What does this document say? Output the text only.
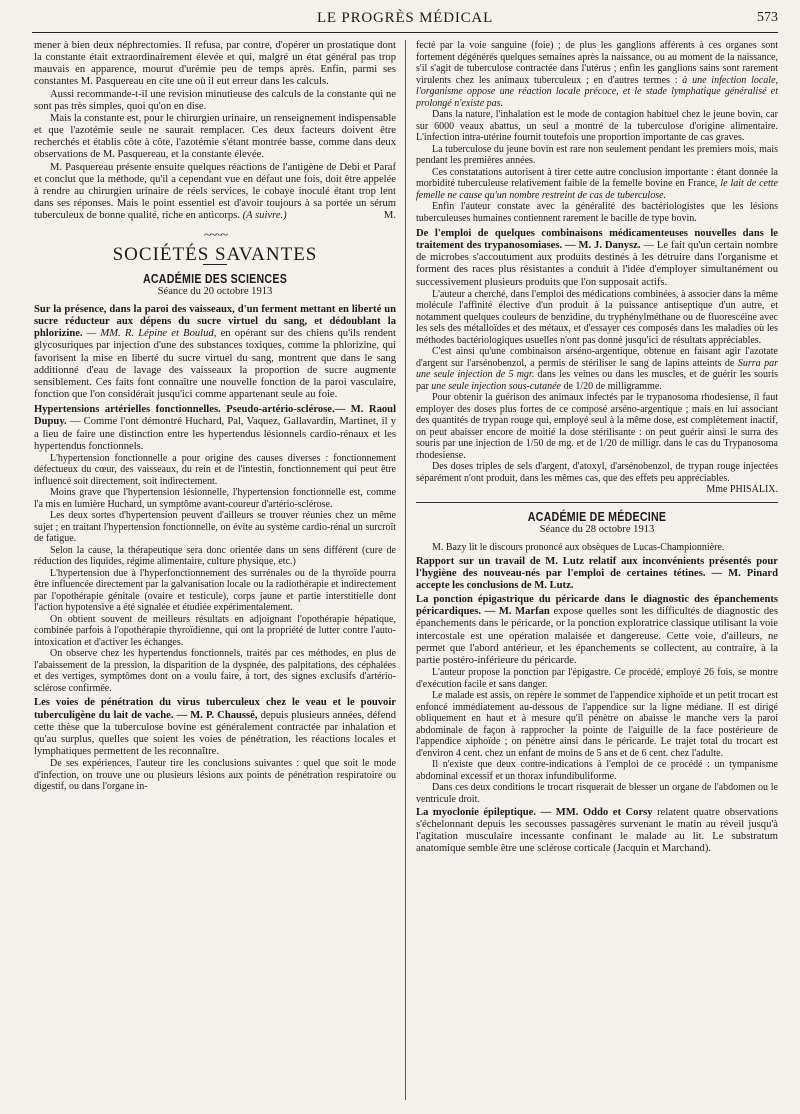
LE PROGRÈS MÉDICAL	573

mener à bien deux néphrectomies. Il refusa, par contre, d'opérer un prostatique dont la constante était extraordinairement élevée et qui, malgré un état général pas trop mauvais en apparence, mourut d'urémie peu de temps après. Enfin, parmi ses constantes M. Pasquereau en cite une où il eut erreur dans les calculs.

Aussi recommande-t-il une revision minutieuse des calculs de la constante qui ne sont pas très simples, quoi qu'on en dise.

Mais la constante est, pour le chirurgien urinaire, un renseignement indispensable et que l'azotémie seule ne saurait remplacer. Ces deux facteurs doivent être recherchés et établis côte à côte, l'azotémie s'étant montrée basse, comme dans deux observations de M. Pasquereau, et la constante élevée.

M. Pasquereau présente ensuite quelques réactions de l'antigène de Debi et Paraf et conclut que la méthode, qu'il a cependant vue en défaut une fois, doit être appelée à rendre au chirurgien urinaire de réels services, le cobaye inoculé étant trop lent dans ses réponses. Mais le point essentiel est d'avoir toujours à sa portée un sérum tuberculeux de bonne qualité, riche en anticorps. (A suivre.)	M.

~~~~
SOCIÉTÉS SAVANTES
ACADÉMIE DES SCIENCES
Séance du 20 octobre 1913

Sur la présence, dans la paroi des vaisseaux, d'un ferment mettant en liberté un sucre réducteur aux dépens du sucre virtuel du sang, et dédoublant la phlorizine. — MM. R. Lépine et Boulud, en opérant sur des chiens qu'ils rendent glycosuriques par injection d'une des substances toxiques, comme la phlorizine, qui favorisent la mise en liberté du sucre virtuel du sang, montrent que dans le sang additionné d'eau de lavage des vaisseaux la proportion de sucre augmente sensiblement. Ces faits font connaître une nouvelle fonction de la paroi vasculaire, fonction que l'on considérait jusqu'ici comme appartenant seule au foie.

Hypertensions artérielles fonctionnelles. Pseudo-artério-sclérose.— M. Raoul Dupuy. — Comme l'ont démontré Huchard, Pal, Vaquez, Gallavardin, Martinet, il y a lieu de faire une distinction entre les hypertendus lésionnels cardio-rénaux et les hypertendus fonctionnels.

L'hypertension fonctionnelle a pour origine des causes diverses : fonctionnement défectueux du cœur, des vaisseaux, du rein et de l'intestin, fonctionnement qui peut être influencé soit directement, soit indirectement.

Moins grave que l'hypertension lésionnelle, l'hypertension fonctionnelle est, comme l'a mis en lumière Huchard, un symptôme avant-coureur d'artério-sclérose.

Les deux sortes d'hypertension peuvent d'ailleurs se trouver réunies chez un même sujet ; en traitant l'hypertension fonctionnelle, on évite au système cardio-rénal un surcroît de fatigue.

Selon la cause, la thérapeutique sera donc orientée dans un sens différent (cure de réduction des liquides, régime alimentaire, culture physique, etc.)

L'hypertension due à l'hyperfonctionnement des surrénales ou de la thyroïde pourra être influencée directement par la galvanisation locale ou la radiothérapie et indirectement par l'opothérapie génitale (ovaire et testicule), corps jaune et partie interstitielle dont l'action hypotensive a été signalée et étudiée expérimentalement.

On obtient souvent de meilleurs résultats en adjoignant l'opothérapie hépatique, combinée parfois à l'opothérapie thyroïdienne, qui ont la propriété de lutter contre l'auto-intoxication et d'activer les échanges.

On observe chez les hypertendus fonctionnels, traités par ces méthodes, en plus de l'abaissement de la pression, la disparition de la dyspnée, des palpitations, des céphalées et des vertiges, symptômes dont on a voulu faire, à tort, des signes exclusifs d'artério-sclérose confirmée.

Les voies de pénétration du virus tuberculeux chez le veau et le pouvoir tuberculigène du lait de vache. — M. P. Chaussé, depuis plusieurs années, défend cette thèse que la tuberculose bovine est généralement contractée par inhalation et qu'au surplus, quelles que soient les voies de pénétration, les réactions locales et lymphatiques permettent de les reconnaître.

De ses expériences, l'auteur tire les conclusions suivantes : quel que soit le mode d'infection, on trouve une ou plusieurs lésions aux points de pénétration respiratoire ou digestif, ou dans l'organe in-

fecté par la voie sanguine (foie) ; de plus les ganglions afférents à ces organes sont fortement dégénérés quelques semaines après la naissance, ou au moment de la naissance, s'il s'agit de tuberculose contractée dans l'utérus ; enfin les ganglions sains sont rarement virulents chez les animaux tuberculeux ; en d'autres termes : à une infection locale, l'organisme oppose une réaction locale précoce, et le stade lymphatique généralisé et prolongé n'existe pas.

Dans la nature, l'inhalation est le mode de contagion habituel chez le jeune bovin, car sur 6000 veaux abattus, un seul a montré de la tuberculose d'origine alimentaire. L'infection intra-utérine fournit toutefois une proportion importante de cas graves.

La tuberculose du jeune bovin est rare non seulement pendant les premiers mois, mais pendant les premières années.

Ces constatations autorisent à tirer cette autre conclusion importante : étant donnée la morbidité tuberculeuse relativement faible de la femelle bovine en France, le lait de cette femelle ne cause qu'un nombre restreint de cas de tuberculose.

Enfin l'auteur constate avec la généralité des bactériologistes que les lésions tuberculeuses humaines contiennent rarement le bacille de type bovin.

De l'emploi de quelques combinaisons médicamenteuses nouvelles dans le traitement des trypanosomiases. — M. J. Danysz. — Le fait qu'un certain nombre de microbes s'accoutument aux produits destinés à les détruire dans l'organisme et forment des races plus résistantes a conduit à l'idée d'employer simultanément ou successivement plusieurs produits que l'on supposait actifs.

L'auteur a cherché, dans l'emploi des médications combinées, à associer dans la même molécule l'affinité élective d'un produit à la puissance antiseptique d'un autre, et notamment quelques couleurs de benzidine, du tryphénylméthane ou de fluorescéine avec les sels des métalloïdes et des métaux, et d'essayer ces composés dans les maladies où les méthodes bactériologiques usuelles n'ont pas donné jusqu'ici de résultats appréciables.

C'est ainsi qu'une combinaison arséno-argentique, obtenue en faisant agir l'azotate d'argent sur l'arsénobenzol, a permis de stériliser le sang de lapins atteints de Surra par une seule injection de 5 mgr. dans les veines ou dans les muscles, et de guérir les souris par une seule injection sous-cutanée de 1/20 de milligramme.

Pour obtenir la guérison des animaux infectés par le trypanosoma rhodesiense, il faut employer des doses plus fortes de ce composé arséno-argentique ; mais en lui associant des quantités de trypan rouge qui, employé seul à la même dose, est complètement inactif, on peut abaisser encore de moitié la dose stérilisante : on peut guérir ainsi le surra des souris par une injection de 1/50 de mg. et de 1/20 de milligr. dans le cas du Trypanosoma rhodesiense.

Des doses triples de sels d'argent, d'atoxyl, d'arsénobenzol, de trypan rouge injectées séparément n'ont produit, dans les mêmes cas, que des effets peu appréciables.

Mme PHISALIX.

ACADÉMIE DE MÉDECINE
Séance du 28 octobre 1913

M. Bazy lit le discours prononcé aux obsèques de Lucas-Championnière.

Rapport sur un travail de M. Lutz relatif aux inconvénients présentés pour l'hygiène des nouveau-nés par l'emploi de certaines tétines. — M. Pinard accepte les conclusions de M. Lutz.

La ponction épigastrique du péricarde dans le diagnostic des épanchements péricardiques. — M. Marfan expose quelles sont les difficultés de diagnostic des épanchements dans le péricarde, or la ponction exploratrice classique utilisant la voie intercostale est une opération malaisée et dangereuse. Cette voie, d'ailleurs, ne permet que l'abord antérieur, et les épanchements se collectent, au contraire, à la partie postéro-inférieure du péricarde.

L'auteur propose la ponction par l'épigastre. Ce procédé, employé 26 fois, se montre d'exécution facile et sans danger.

Le malade est assis, on repère le sommet de l'appendice xiphoïde et un petit trocart est enfoncé immédiatement au-dessous de l'appendice sur la ligne médiane. Il est dirigé obliquement en haut et à mesure qu'il pénètre on abaisse le manche vers la paroi abdominale de façon à rapprocher la pointe de l'aiguille de la face postérieure de l'appendice xiphoïde ; on pénètre ainsi dans le péricarde. Le trajet total du trocart est d'environ 4 cent. chez un enfant de moins de 5 ans et de 6 cent. chez l'adulte.

Il n'existe que deux contre-indications à l'emploi de ce procédé : un tympanisme abdominal excessif et un thorax infundibuliforme.

Dans ces deux conditions le trocart risquerait de blesser un organe de l'abdomen ou le ventricule droit.

La myoclonie épileptique. — MM. Oddo et Corsy relatent quatre observations s'échelonnant depuis les secousses passagères survenant le matin au réveil jusqu'à l'agitation musculaire incessante confinant le malade au lit. Le substratum anatomique semble être une sclérose corticale (Jacquin et Marchand).
